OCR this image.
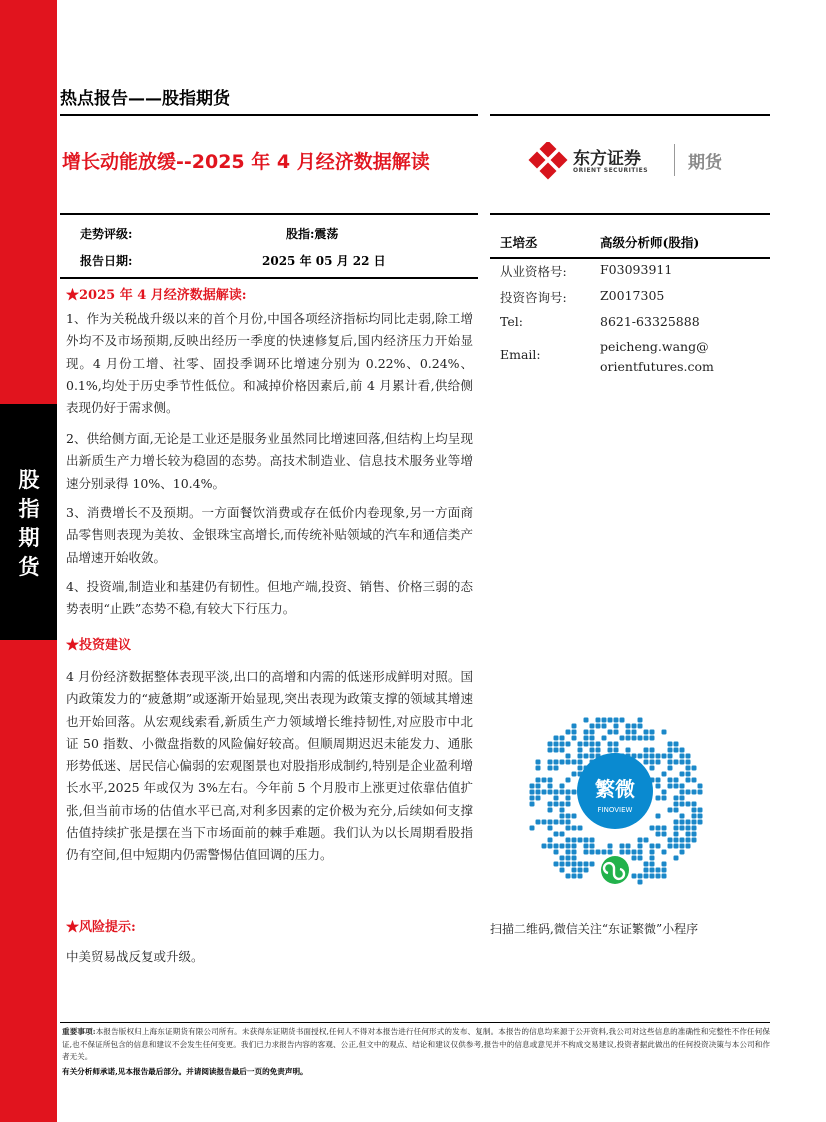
股
指
期
货
热点报告——股指期货
增长动能放缓--2025 年 4 月经济数据解读	东方证券
ORIENT SECURITIES 期货
走势评级:	股指:震荡
报告日期:	2025 年 05 月 22 日
★2025 年 4 月经济数据解读:

1、作为关税战升级以来的首个月份,中国各项经济指标均同比走弱,除工增外均不及市场预期,反映出经历一季度的快速修复后,国内经济压力开始显现。4 月份工增、社零、固投季调环比增速分别为 0.22%、0.24%、0.1%,均处于历史季节性低位。和减掉价格因素后,前 4 月累计看,供给侧表现仍好于需求侧。

2、供给侧方面,无论是工业还是服务业虽然同比增速回落,但结构上均呈现出新质生产力增长较为稳固的态势。高技术制造业、信息技术服务业等增速分别录得 10%、10.4%。

3、消费增长不及预期。一方面餐饮消费或存在低价内卷现象,另一方面商品零售则表现为美妆、金银珠宝高增长,而传统补贴领域的汽车和通信类产品增速开始收敛。

4、投资端,制造业和基建仍有韧性。但地产端,投资、销售、价格三弱的态势表明“止跌”态势不稳,有较大下行压力。

★投资建议

4 月份经济数据整体表现平淡,出口的高增和内需的低迷形成鲜明对照。国内政策发力的“疲惫期”或逐渐开始显现,突出表现为政策支撑的领域其增速也开始回落。从宏观线索看,新质生产力领域增长维持韧性,对应股市中北证 50 指数、小微盘指数的风险偏好较高。但顺周期迟迟未能发力、通胀形势低迷、居民信心偏弱的宏观图景也对股指形成制约,特别是企业盈利增长水平,2025 年或仅为 3%左右。今年前 5 个月股市上涨更过依靠估值扩张,但当前市场的估值水平已高,对利多因素的定价极为充分,后续如何支撑估值持续扩张是摆在当下市场面前的棘手难题。我们认为以长周期看股指仍有空间,但中短期内仍需警惕估值回调的压力。

★风险提示:

中美贸易战反复或升级。

王培丞	高级分析师(股指)
从业资格号:	F03093911
投资咨询号:	Z0017305
Tel:	8621-63325888
Email:
peicheng.wang@
orientfutures.com
繁微
FINOVIEW
扫描二维码,微信关注“东证繁微”小程序
重要事项:本报告版权归上海东证期货有限公司所有。未获得东证期货书面授权,任何人不得对本报告进行任何形式的发布、复制。本报告的信息均来源于公开资料,我公司对这些信息的准确性和完整性不作任何保证,也不保证所包含的信息和建议不会发生任何变更。我们已力求报告内容的客观、公正,但文中的观点、结论和建议仅供参考,报告中的信息或意见并不构成交易建议,投资者据此做出的任何投资决策与本公司和作者无关。
有关分析师承诺,见本报告最后部分。并请阅读报告最后一页的免责声明。
